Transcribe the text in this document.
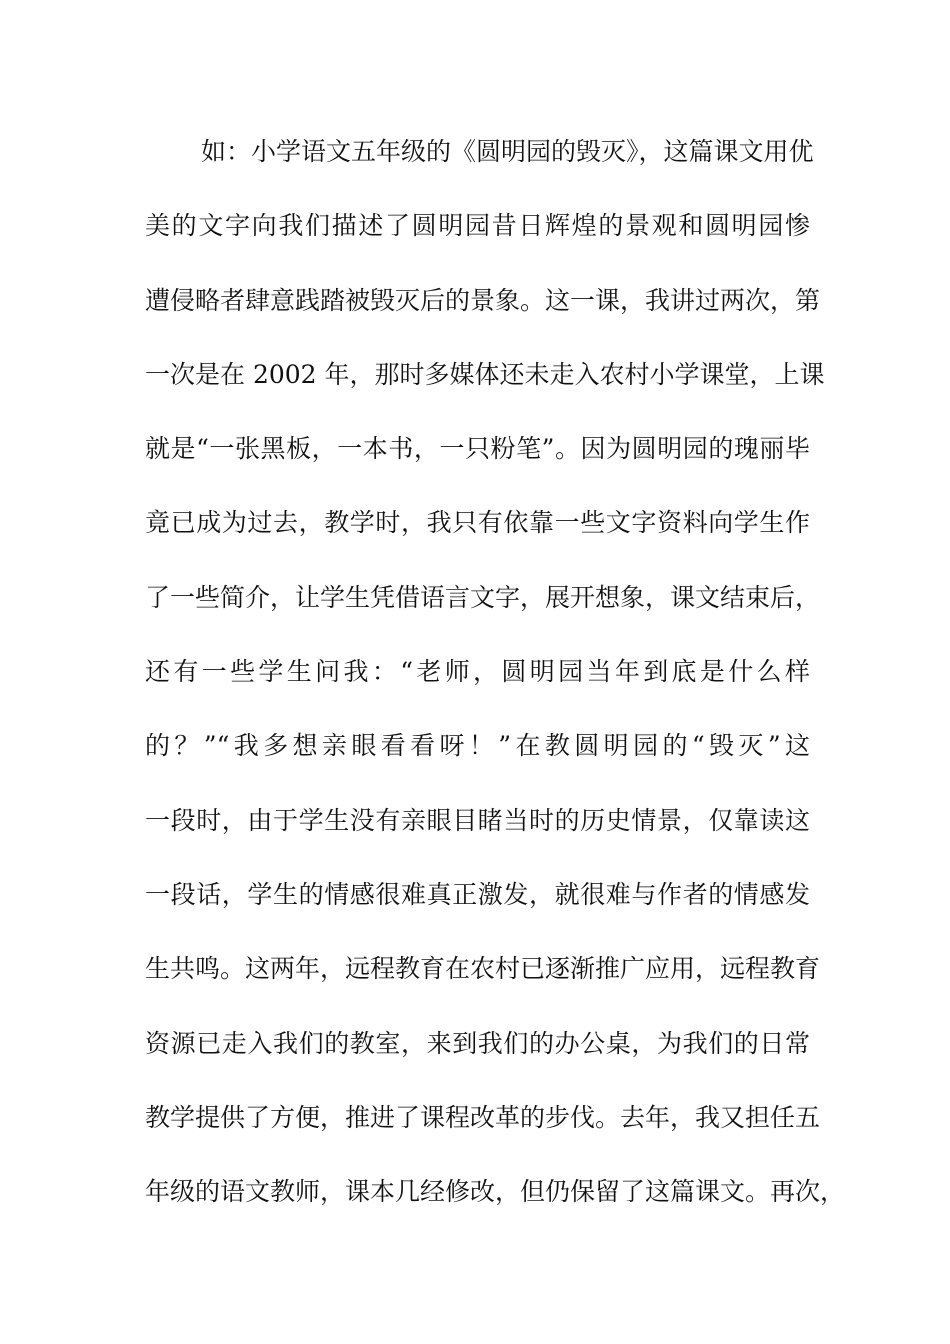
如：小学语文五年级的《圆明园的毁灭》，这篇课文用优
美的文字向我们描述了圆明园昔日辉煌的景观和圆明园惨
遭侵略者肆意践踏被毁灭后的景象。这一课，我讲过两次，第
一次是在 2002 年，那时多媒体还未走入农村小学课堂，上课
就是“一张黑板，一本书，一只粉笔”。因为圆明园的瑰丽毕
竟已成为过去，教学时，我只有依靠一些文字资料向学生作
了一些简介，让学生凭借语言文字，展开想象，课文结束后，
还有一些学生问我：“老师，圆明园当年到底是什么样
的？”“我多想亲眼看看呀！”在教圆明园的“毁灭”这
一段时，由于学生没有亲眼目睹当时的历史情景，仅靠读这
一段话，学生的情感很难真正激发，就很难与作者的情感发
生共鸣。这两年，远程教育在农村已逐渐推广应用，远程教育
资源已走入我们的教室，来到我们的办公桌，为我们的日常
教学提供了方便，推进了课程改革的步伐。去年，我又担任五
年级的语文教师，课本几经修改，但仍保留了这篇课文。再次，
